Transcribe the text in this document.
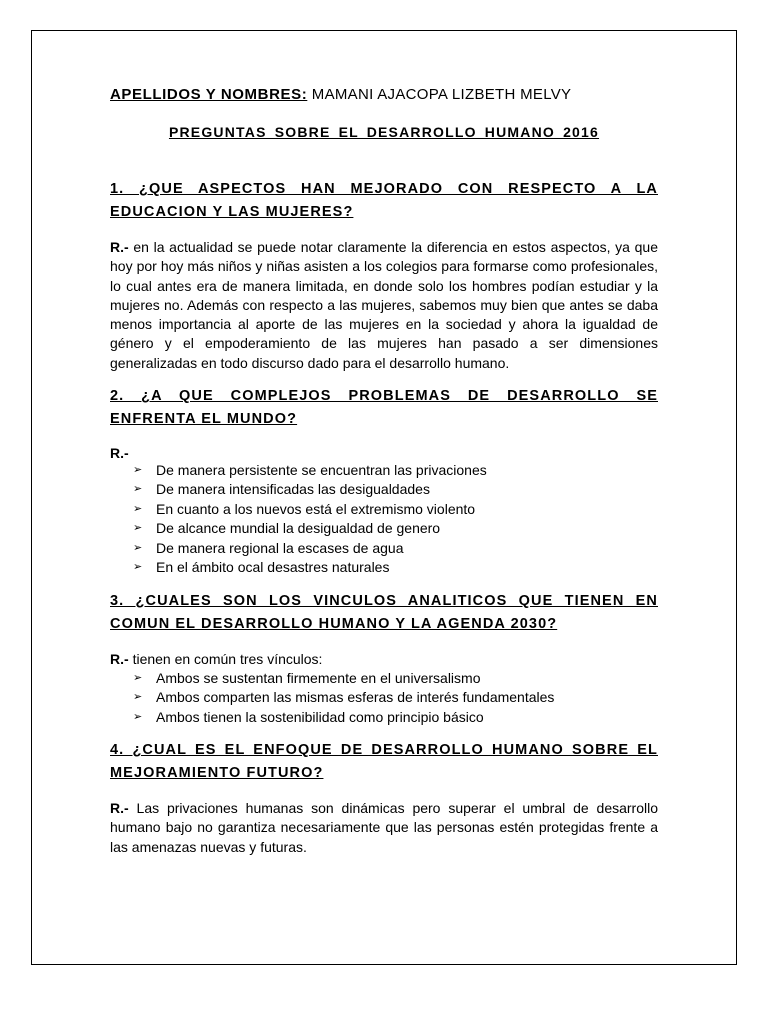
APELLIDOS Y NOMBRES: MAMANI AJACOPA LIZBETH MELVY
PREGUNTAS SOBRE EL DESARROLLO HUMANO 2016
1. ¿QUE ASPECTOS HAN MEJORADO CON RESPECTO A LA EDUCACION Y LAS MUJERES?

R.- en la actualidad se puede notar claramente la diferencia en estos aspectos, ya que hoy por hoy más niños y niñas asisten a los colegios para formarse como profesionales, lo cual antes era de manera limitada, en donde solo los hombres podían estudiar y la mujeres no. Además con respecto a las mujeres, sabemos muy bien que antes se daba menos importancia al aporte de las mujeres en la sociedad y ahora la igualdad de género y el empoderamiento de las mujeres han pasado a ser dimensiones generalizadas en todo discurso dado para el desarrollo humano.

2. ¿A QUE COMPLEJOS PROBLEMAS DE DESARROLLO SE ENFRENTA EL MUNDO?
R.-
➢ De manera persistente se encuentran las privaciones
➢ De manera intensificadas las desigualdades
➢ En cuanto a los nuevos está el extremismo violento
➢ De alcance mundial la desigualdad de genero
➢ De manera regional la escases de agua
➢ En el ámbito ocal desastres naturales
3. ¿CUALES SON LOS VINCULOS ANALITICOS QUE TIENEN EN COMUN EL DESARROLLO HUMANO Y LA AGENDA 2030?

R.- tienen en común tres vínculos:

➢ Ambos se sustentan firmemente en el universalismo
➢ Ambos comparten las mismas esferas de interés fundamentales
➢ Ambos tienen la sostenibilidad como principio básico
4. ¿CUAL ES EL ENFOQUE DE DESARROLLO HUMANO SOBRE EL MEJORAMIENTO FUTURO?

R.- Las privaciones humanas son dinámicas pero superar el umbral de desarrollo humano bajo no garantiza necesariamente que las personas estén protegidas frente a las amenazas nuevas y futuras.
